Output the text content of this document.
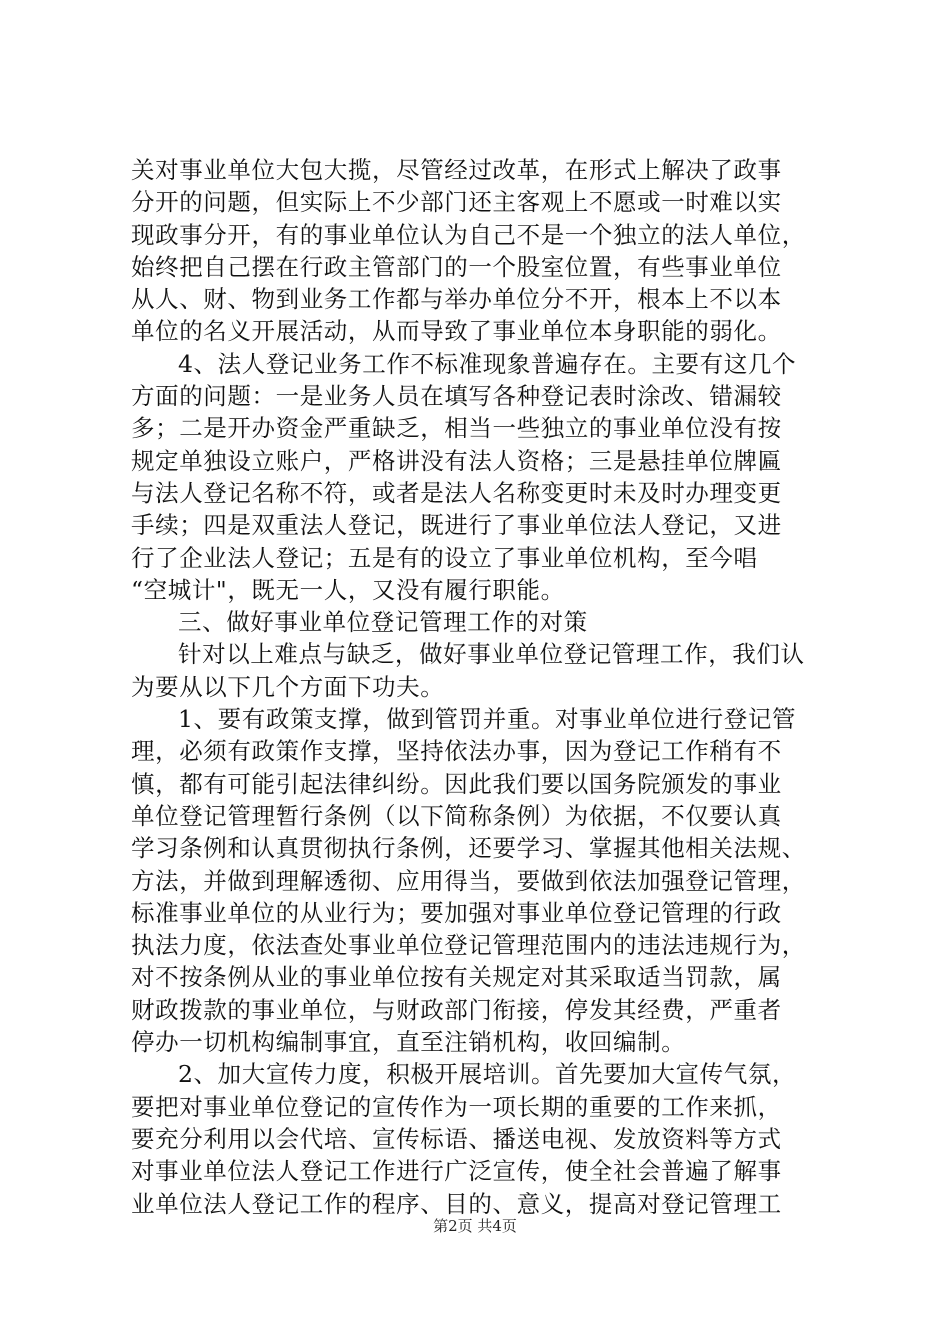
关对事业单位大包大揽，尽管经过改革，在形式上解决了政事
分开的问题，但实际上不少部门还主客观上不愿或一时难以实
现政事分开，有的事业单位认为自己不是一个独立的法人单位，
始终把自己摆在行政主管部门的一个股室位置，有些事业单位
从人、财、物到业务工作都与举办单位分不开，根本上不以本
单位的名义开展活动，从而导致了事业单位本身职能的弱化。
4、法人登记业务工作不标准现象普遍存在。主要有这几个
方面的问题：一是业务人员在填写各种登记表时涂改、错漏较
多；二是开办资金严重缺乏，相当一些独立的事业单位没有按
规定单独设立账户，严格讲没有法人资格；三是悬挂单位牌匾
与法人登记名称不符，或者是法人名称变更时未及时办理变更
手续；四是双重法人登记，既进行了事业单位法人登记，又进
行了企业法人登记；五是有的设立了事业单位机构，至今唱
“空城计"，既无一人，又没有履行职能。
三、做好事业单位登记管理工作的对策
针对以上难点与缺乏，做好事业单位登记管理工作，我们认
为要从以下几个方面下功夫。
1、要有政策支撑，做到管罚并重。对事业单位进行登记管
理，必须有政策作支撑，坚持依法办事，因为登记工作稍有不
慎，都有可能引起法律纠纷。因此我们要以国务院颁发的事业
单位登记管理暂行条例（以下简称条例）为依据，不仅要认真
学习条例和认真贯彻执行条例，还要学习、掌握其他相关法规、
方法，并做到理解透彻、应用得当，要做到依法加强登记管理，
标准事业单位的从业行为；要加强对事业单位登记管理的行政
执法力度，依法查处事业单位登记管理范围内的违法违规行为，
对不按条例从业的事业单位按有关规定对其采取适当罚款，属
财政拨款的事业单位，与财政部门衔接，停发其经费，严重者
停办一切机构编制事宜，直至注销机构，收回编制。
2、加大宣传力度，积极开展培训。首先要加大宣传气氛，
要把对事业单位登记的宣传作为一项长期的重要的工作来抓，
要充分利用以会代培、宣传标语、播送电视、发放资料等方式
对事业单位法人登记工作进行广泛宣传，使全社会普遍了解事
业单位法人登记工作的程序、目的、意义，提高对登记管理工
第2页 共4页
